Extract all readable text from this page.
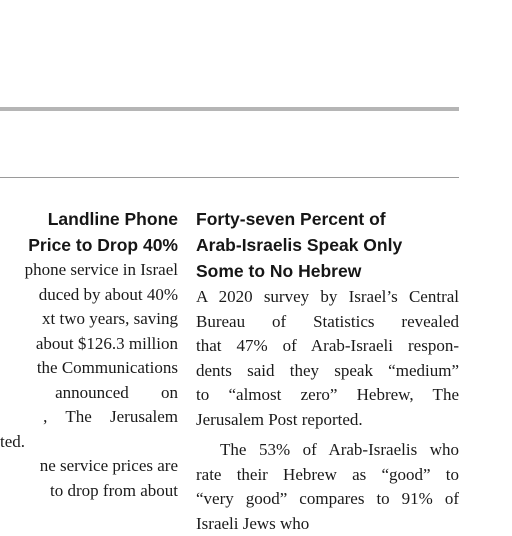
Landline Phone
Price to Drop 40%
phone service in Israel
duced by about 40%
xt two years, saving
about $126.3 million
the Communications
announced on
, The Jerusalem
ted.
ne service prices are
to drop from about
Forty-seven Percent of
Arab-Israelis Speak Only
Some to No Hebrew
A 2020 survey by Israel’s Central
Bureau of Statistics revealed
that 47% of Arab-Israeli respon-
dents said they speak “medium”
to “almost zero” Hebrew, The
Jerusalem Post reported.
The 53% of Arab-Israelis who
rate their Hebrew as “good” to
“very good” compares to 91% of
Israeli Jews who
